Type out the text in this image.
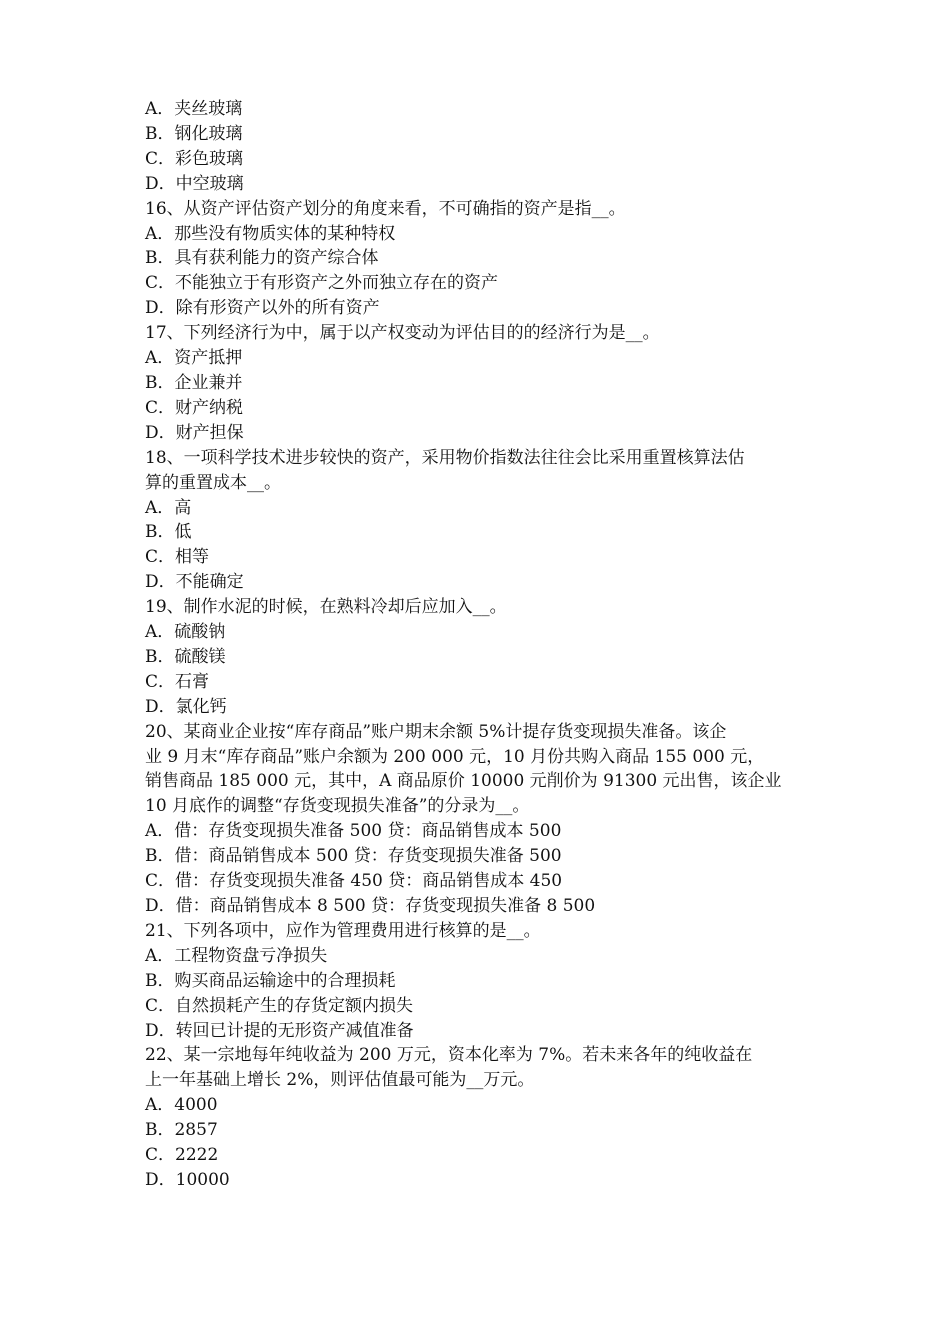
A．夹丝玻璃

B．钢化玻璃

C．彩色玻璃

D．中空玻璃

16、从资产评估资产划分的角度来看，不可确指的资产是指__。

A．那些没有物质实体的某种特权

B．具有获利能力的资产综合体

C．不能独立于有形资产之外而独立存在的资产

D．除有形资产以外的所有资产

17、下列经济行为中，属于以产权变动为评估目的的经济行为是__。

A．资产抵押

B．企业兼并

C．财产纳税

D．财产担保

18、一项科学技术进步较快的资产，采用物价指数法往往会比采用重置核算法估

算的重置成本__。

A．高

B．低

C．相等

D．不能确定

19、制作水泥的时候，在熟料冷却后应加入__。

A．硫酸钠

B．硫酸镁

C．石膏

D．氯化钙

20、某商业企业按“库存商品”账户期末余额 5%计提存货变现损失准备。该企

业 9 月末“库存商品”账户余额为 200 000 元，10 月份共购入商品 155 000 元，

销售商品 185 000 元，其中，A 商品原价 10000 元削价为 91300 元出售，该企业

10 月底作的调整“存货变现损失准备”的分录为__。

A．借：存货变现损失准备 500 贷：商品销售成本 500

B．借：商品销售成本 500 贷：存货变现损失准备 500

C．借：存货变现损失准备 450 贷：商品销售成本 450

D．借：商品销售成本 8 500 贷：存货变现损失准备 8 500

21、下列各项中，应作为管理费用进行核算的是__。

A．工程物资盘亏净损失

B．购买商品运输途中的合理损耗

C．自然损耗产生的存货定额内损失

D．转回已计提的无形资产减值准备

22、某一宗地每年纯收益为 200 万元，资本化率为 7%。若未来各年的纯收益在

上一年基础上增长 2%，则评估值最可能为__万元。

A．4000

B．2857

C．2222

D．10000
